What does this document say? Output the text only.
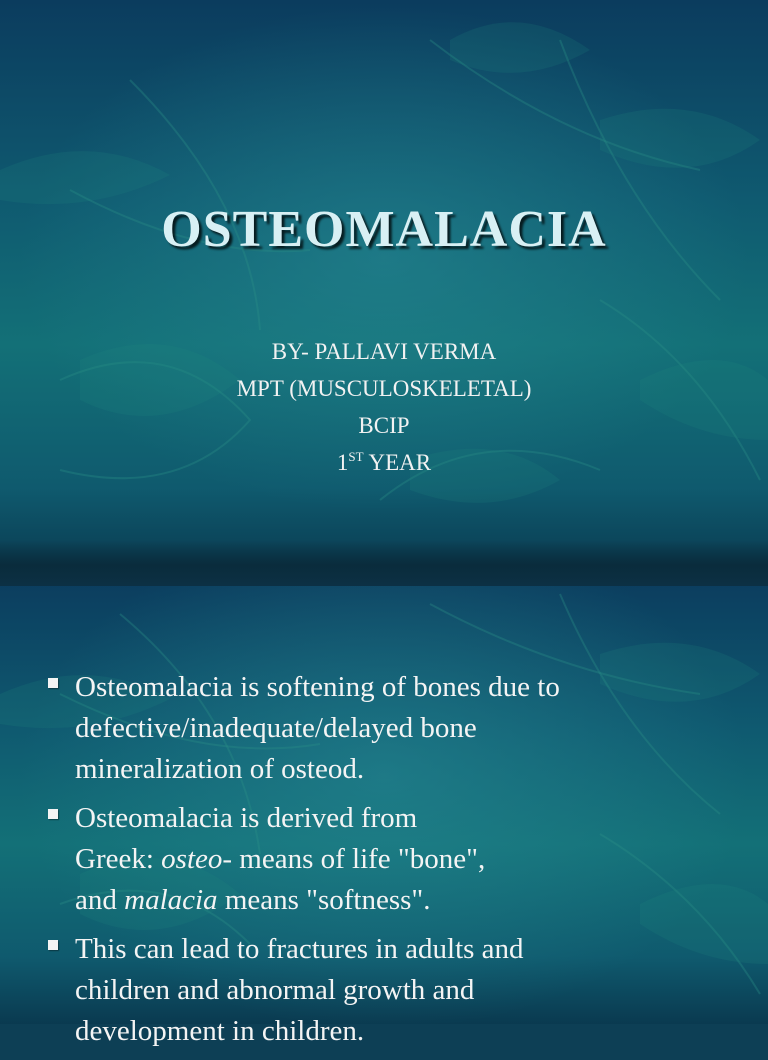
OSTEOMALACIA
BY- PALLAVI VERMA
MPT (MUSCULOSKELETAL)
BCIP
1ST YEAR
Osteomalacia is softening of bones due to
defective/inadequate/delayed bone
mineralization of osteod.
Osteomalacia is derived from
Greek: osteo- means of life "bone",
and malacia means "softness".
This can lead to fractures in adults and
children and abnormal growth and
development in children.
